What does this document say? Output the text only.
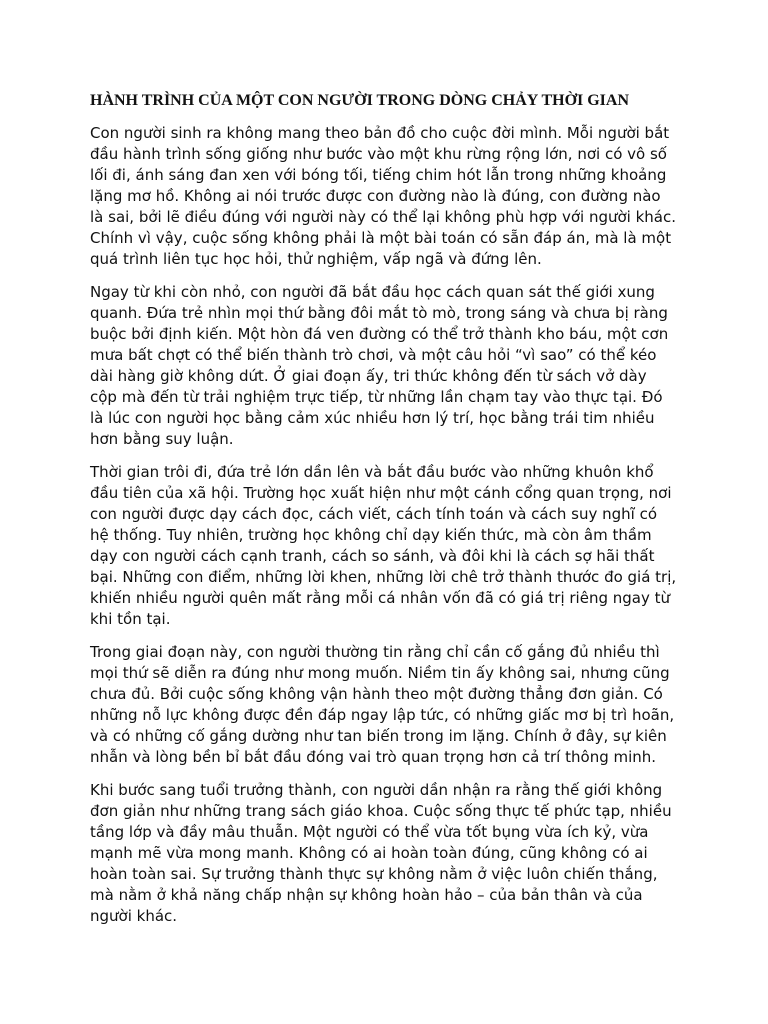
HÀNH TRÌNH CỦA MỘT CON NGƯỜI TRONG DÒNG CHẢY THỜI GIAN

Con người sinh ra không mang theo bản đồ cho cuộc đời mình. Mỗi người bắt đầu hành trình sống giống như bước vào một khu rừng rộng lớn, nơi có vô số lối đi, ánh sáng đan xen với bóng tối, tiếng chim hót lẫn trong những khoảng lặng mơ hồ. Không ai nói trước được con đường nào là đúng, con đường nào là sai, bởi lẽ điều đúng với người này có thể lại không phù hợp với người khác. Chính vì vậy, cuộc sống không phải là một bài toán có sẵn đáp án, mà là một quá trình liên tục học hỏi, thử nghiệm, vấp ngã và đứng lên.

Ngay từ khi còn nhỏ, con người đã bắt đầu học cách quan sát thế giới xung quanh. Đứa trẻ nhìn mọi thứ bằng đôi mắt tò mò, trong sáng và chưa bị ràng buộc bởi định kiến. Một hòn đá ven đường có thể trở thành kho báu, một cơn mưa bất chợt có thể biến thành trò chơi, và một câu hỏi “vì sao” có thể kéo dài hàng giờ không dứt. Ở giai đoạn ấy, tri thức không đến từ sách vở dày cộp mà đến từ trải nghiệm trực tiếp, từ những lần chạm tay vào thực tại. Đó là lúc con người học bằng cảm xúc nhiều hơn lý trí, học bằng trái tim nhiều hơn bằng suy luận.

Thời gian trôi đi, đứa trẻ lớn dần lên và bắt đầu bước vào những khuôn khổ đầu tiên của xã hội. Trường học xuất hiện như một cánh cổng quan trọng, nơi con người được dạy cách đọc, cách viết, cách tính toán và cách suy nghĩ có hệ thống. Tuy nhiên, trường học không chỉ dạy kiến thức, mà còn âm thầm dạy con người cách cạnh tranh, cách so sánh, và đôi khi là cách sợ hãi thất bại. Những con điểm, những lời khen, những lời chê trở thành thước đo giá trị, khiến nhiều người quên mất rằng mỗi cá nhân vốn đã có giá trị riêng ngay từ khi tồn tại.

Trong giai đoạn này, con người thường tin rằng chỉ cần cố gắng đủ nhiều thì mọi thứ sẽ diễn ra đúng như mong muốn. Niềm tin ấy không sai, nhưng cũng chưa đủ. Bởi cuộc sống không vận hành theo một đường thẳng đơn giản. Có những nỗ lực không được đền đáp ngay lập tức, có những giấc mơ bị trì hoãn, và có những cố gắng dường như tan biến trong im lặng. Chính ở đây, sự kiên nhẫn và lòng bền bỉ bắt đầu đóng vai trò quan trọng hơn cả trí thông minh.

Khi bước sang tuổi trưởng thành, con người dần nhận ra rằng thế giới không đơn giản như những trang sách giáo khoa. Cuộc sống thực tế phức tạp, nhiều tầng lớp và đầy mâu thuẫn. Một người có thể vừa tốt bụng vừa ích kỷ, vừa mạnh mẽ vừa mong manh. Không có ai hoàn toàn đúng, cũng không có ai hoàn toàn sai. Sự trưởng thành thực sự không nằm ở việc luôn chiến thắng, mà nằm ở khả năng chấp nhận sự không hoàn hảo – của bản thân và của người khác.
